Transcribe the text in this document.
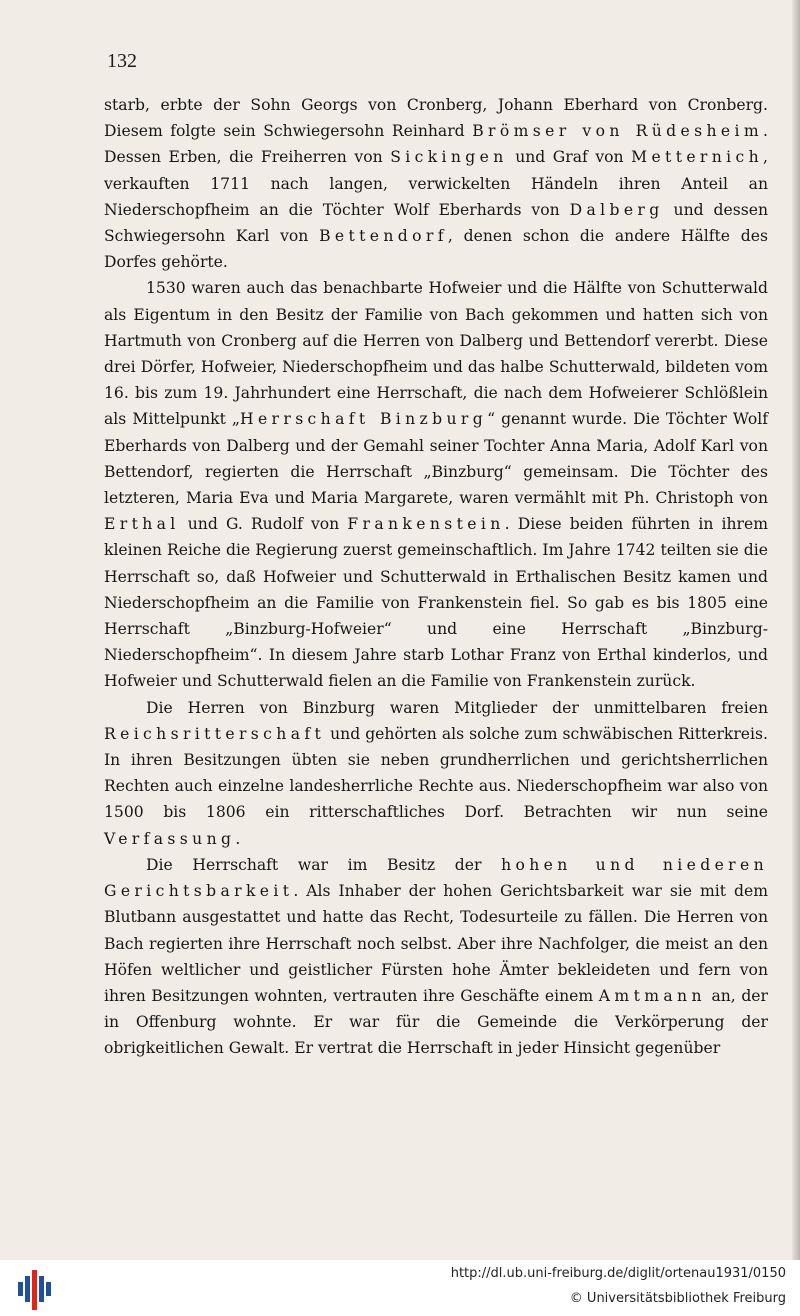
132

starb, erbte der Sohn Georgs von Cronberg, Johann Eberhard von Cronberg. Diesem folgte sein Schwiegersohn Reinhard Brömser von Rüdesheim. Dessen Erben, die Freiherren von Sickingen und Graf von Metternich, verkauften 1711 nach langen, verwickelten Händeln ihren Anteil an Niederschopfheim an die Töchter Wolf Eberhards von Dalberg und dessen Schwiegersohn Karl von Bettendorf, denen schon die andere Hälfte des Dorfes gehörte.

1530 waren auch das benachbarte Hofweier und die Hälfte von Schutterwald als Eigentum in den Besitz der Familie von Bach gekommen und hatten sich von Hartmuth von Cronberg auf die Herren von Dalberg und Bettendorf vererbt. Diese drei Dörfer, Hofweier, Niederschopfheim und das halbe Schutterwald, bildeten vom 16. bis zum 19. Jahrhundert eine Herrschaft, die nach dem Hofweierer Schlößlein als Mittelpunkt „Herrschaft Binzburg“ genannt wurde. Die Töchter Wolf Eberhards von Dalberg und der Gemahl seiner Tochter Anna Maria, Adolf Karl von Bettendorf, regierten die Herrschaft „Binzburg“ gemeinsam. Die Töchter des letzteren, Maria Eva und Maria Margarete, waren vermählt mit Ph. Christoph von Erthal und G. Rudolf von Frankenstein. Diese beiden führten in ihrem kleinen Reiche die Regierung zuerst gemeinschaftlich. Im Jahre 1742 teilten sie die Herrschaft so, daß Hofweier und Schutterwald in Erthalischen Besitz kamen und Niederschopfheim an die Familie von Frankenstein fiel. So gab es bis 1805 eine Herrschaft „Binzburg-Hofweier“ und eine Herrschaft „Binzburg-Niederschopfheim“. In diesem Jahre starb Lothar Franz von Erthal kinderlos, und Hofweier und Schutterwald fielen an die Familie von Frankenstein zurück.

Die Herren von Binzburg waren Mitglieder der unmittelbaren freien Reichsritterschaft und gehörten als solche zum schwäbischen Ritterkreis. In ihren Besitzungen übten sie neben grundherrlichen und gerichtsherrlichen Rechten auch einzelne landesherrliche Rechte aus. Niederschopfheim war also von 1500 bis 1806 ein ritterschaftliches Dorf. Betrachten wir nun seine Verfassung.

Die Herrschaft war im Besitz der hohen und niederen Gerichtsbarkeit. Als Inhaber der hohen Gerichtsbarkeit war sie mit dem Blutbann ausgestattet und hatte das Recht, Todesurteile zu fällen. Die Herren von Bach regierten ihre Herrschaft noch selbst. Aber ihre Nachfolger, die meist an den Höfen weltlicher und geistlicher Fürsten hohe Ämter bekleideten und fern von ihren Besitzungen wohnten, vertrauten ihre Geschäfte einem Amtmann an, der in Offenburg wohnte. Er war für die Gemeinde die Verkörperung der obrigkeitlichen Gewalt. Er vertrat die Herrschaft in jeder Hinsicht gegenüber

http://dl.ub.uni-freiburg.de/diglit/ortenau1931/0150
© Universitätsbibliothek Freiburg
